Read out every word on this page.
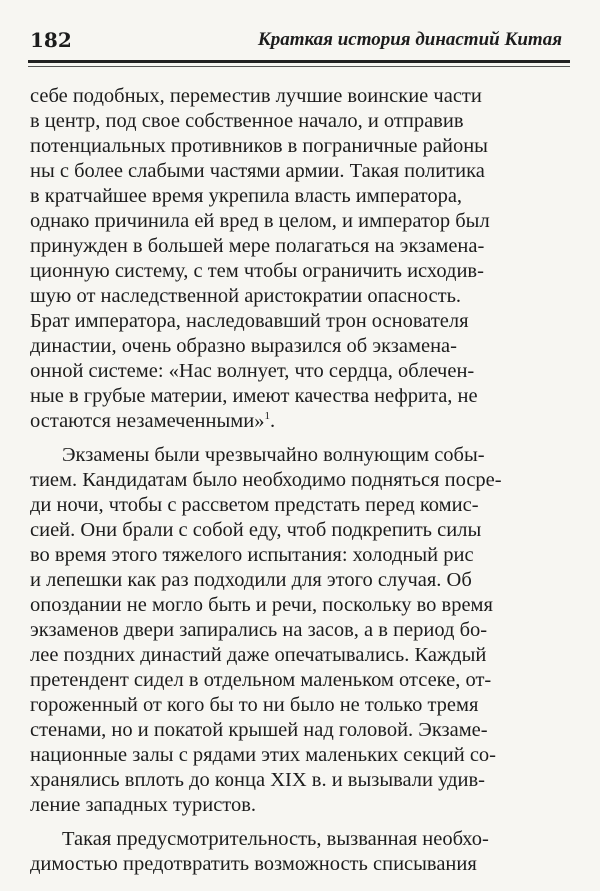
182	Краткая история династий Китая
себе подобных, переместив лучшие воинские части
в центр, под свое собственное начало, и отправив
потенциальных противников в пограничные районы
ны с более слабыми частями армии. Такая политика
в кратчайшее время укрепила власть императора,
однако причинила ей вред в целом, и император был
принужден в большей мере полагаться на экзамена-
ционную систему, с тем чтобы ограничить исходив-
шую от наследственной аристократии опасность.
Брат императора, наследовавший трон основателя
династии, очень образно выразился об экзамена-
онной системе: «Нас волнует, что сердца, облечен-
ные в грубые материи, имеют качества нефрита, не
остаются незамеченными»$^1$.
Экзамены были чрезвычайно волнующим собы-
тием. Кандидатам было необходимо подняться посре-
ди ночи, чтобы с рассветом предстать перед комис-
сией. Они брали с собой еду, чтоб подкрепить силы
во время этого тяжелого испытания: холодный рис
и лепешки как раз подходили для этого случая. Об
опоздании не могло быть и речи, поскольку во время
экзаменов двери запирались на засов, а в период бо-
лее поздних династий даже опечатывались. Каждый
претендент сидел в отдельном маленьком отсеке, от-
гороженный от кого бы то ни было не только тремя
стенами, но и покатой крышей над головой. Экзаме-
национные залы с рядами этих маленьких секций со-
хранялись вплоть до конца XIX в. и вызывали удив-
ление западных туристов.
Такая предусмотрительность, вызванная необхо-
димостью предотвратить возможность списывания
